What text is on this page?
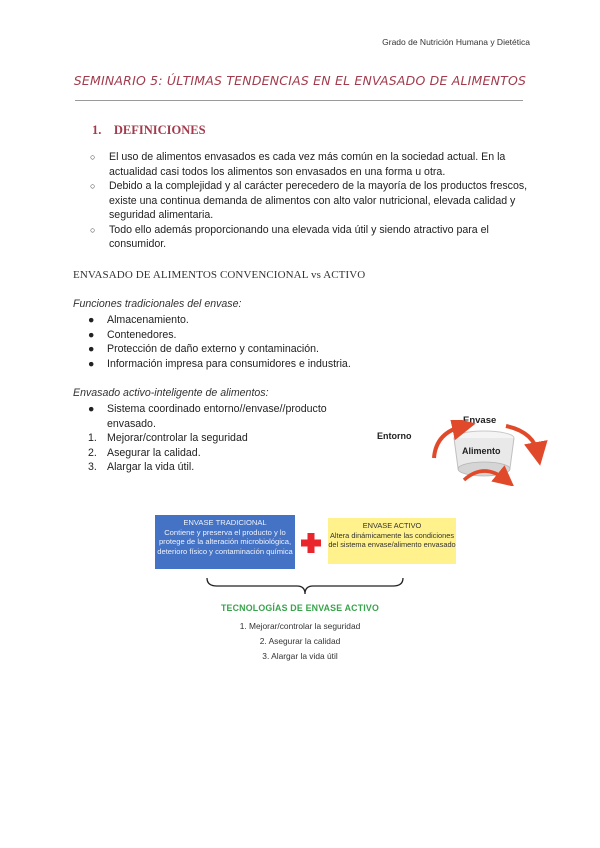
Grado de Nutrición Humana y Dietética
SEMINARIO 5: ÚLTIMAS TENDENCIAS EN EL ENVASADO DE ALIMENTOS
1.    DEFINICIONES

○ El uso de alimentos envasados es cada vez más común en la sociedad actual. En la actualidad casi todos los alimentos son envasados en una forma u otra.

○ Debido a la complejidad y al carácter perecedero de la mayoría de los productos frescos, existe una continua demanda de alimentos con alto valor nutricional, elevada calidad y seguridad alimentaria.

○ Todo ello además proporcionando una elevada vida útil y siendo atractivo para el consumidor.

ENVASADO DE ALIMENTOS CONVENCIONAL vs ACTIVO
Funciones tradicionales del envase:
● Almacenamiento.
● Contenedores.
● Protección de daño externo y contaminación.
● Información impresa para consumidores e industria.
Envasado activo-inteligente de alimentos:
● Sistema coordinado entorno//envase//producto envasado.
1. Mejorar/controlar la seguridad
2. Asegurar la calidad.
3. Alargar la vida útil.
Envase
Entorno
Alimento
ENVASE TRADICIONAL
Contiene y preserva el producto y lo protege de la alteración microbiológica, deterioro físico y contaminación química
ENVASE ACTIVO
Altera dinámicamente las condiciones del sistema envase/alimento envasado
TECNOLOGÍAS DE ENVASE ACTIVO
1. Mejorar/controlar la seguridad
2. Asegurar la calidad
3. Alargar la vida útil
